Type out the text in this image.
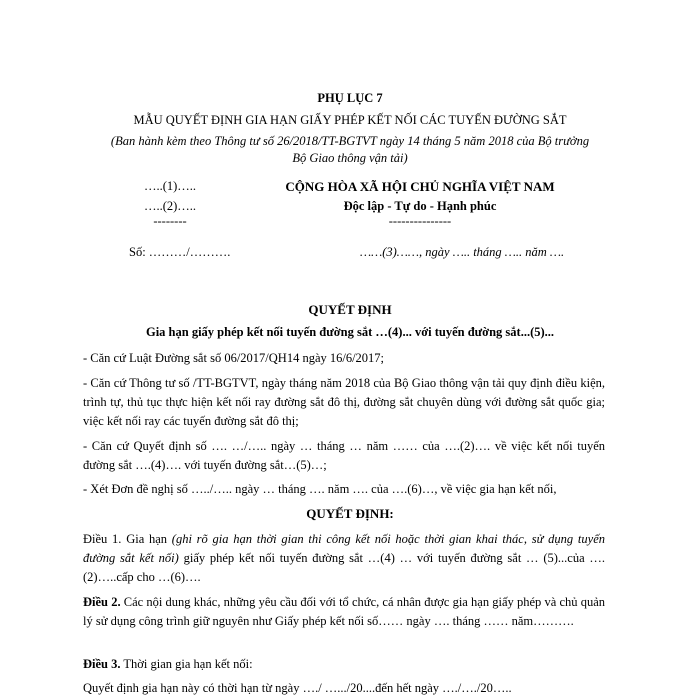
PHỤ LỤC 7
MẪU QUYẾT ĐỊNH GIA HẠN GIẤY PHÉP KẾT NỐI CÁC TUYẾN ĐƯỜNG SẮT
(Ban hành kèm theo Thông tư số 26/2018/TT-BGTVT ngày 14 tháng 5 năm 2018 của Bộ trưởng
Bộ Giao thông vận tải)
…..(1)…..
…..(2)…..
--------
CỘNG HÒA XÃ HỘI CHỦ NGHĨA VIỆT NAM
Độc lập - Tự do - Hạnh phúc
---------------
Số: ………/……….	……(3)……, ngày ….. tháng ….. năm ….
QUYẾT ĐỊNH
Gia hạn giấy phép kết nối tuyến đường sắt …(4)... với tuyến đường sắt...(5)...
- Căn cứ Luật Đường sắt số 06/2017/QH14 ngày 16/6/2017;
- Căn cứ Thông tư số /TT-BGTVT, ngày tháng năm 2018 của Bộ Giao thông vận tải quy định điều kiện, trình tự, thủ tục thực hiện kết nối ray đường sắt đô thị, đường sắt chuyên dùng với đường sắt quốc gia; việc kết nối ray các tuyến đường sắt đô thị;
- Căn cứ Quyết định số …. …/….. ngày … tháng … năm …… của ….(2)…. về việc kết nối tuyến đường sắt ….(4)…. với tuyến đường sắt…(5)…;
- Xét Đơn đề nghị số …../….. ngày … tháng …. năm …. của ….(6)…, về việc gia hạn kết nối,
QUYẾT ĐỊNH:
Điều 1. Gia hạn (ghi rõ gia hạn thời gian thi công kết nối hoặc thời gian khai thác, sử dụng tuyến đường sắt kết nối) giấy phép kết nối tuyến đường sắt …(4) … với tuyến đường sắt … (5)...của ….(2)…..cấp cho …(6)….
Điều 2. Các nội dung khác, những yêu cầu đối với tổ chức, cá nhân được gia hạn giấy phép và chủ quản lý sử dụng công trình giữ nguyên như Giấy phép kết nối số…… ngày …. tháng …… năm……….
Điều 3. Thời gian gia hạn kết nối:
Quyết định gia hạn này có thời hạn từ ngày …./ ….../20....đến hết ngày …./…./20…..
